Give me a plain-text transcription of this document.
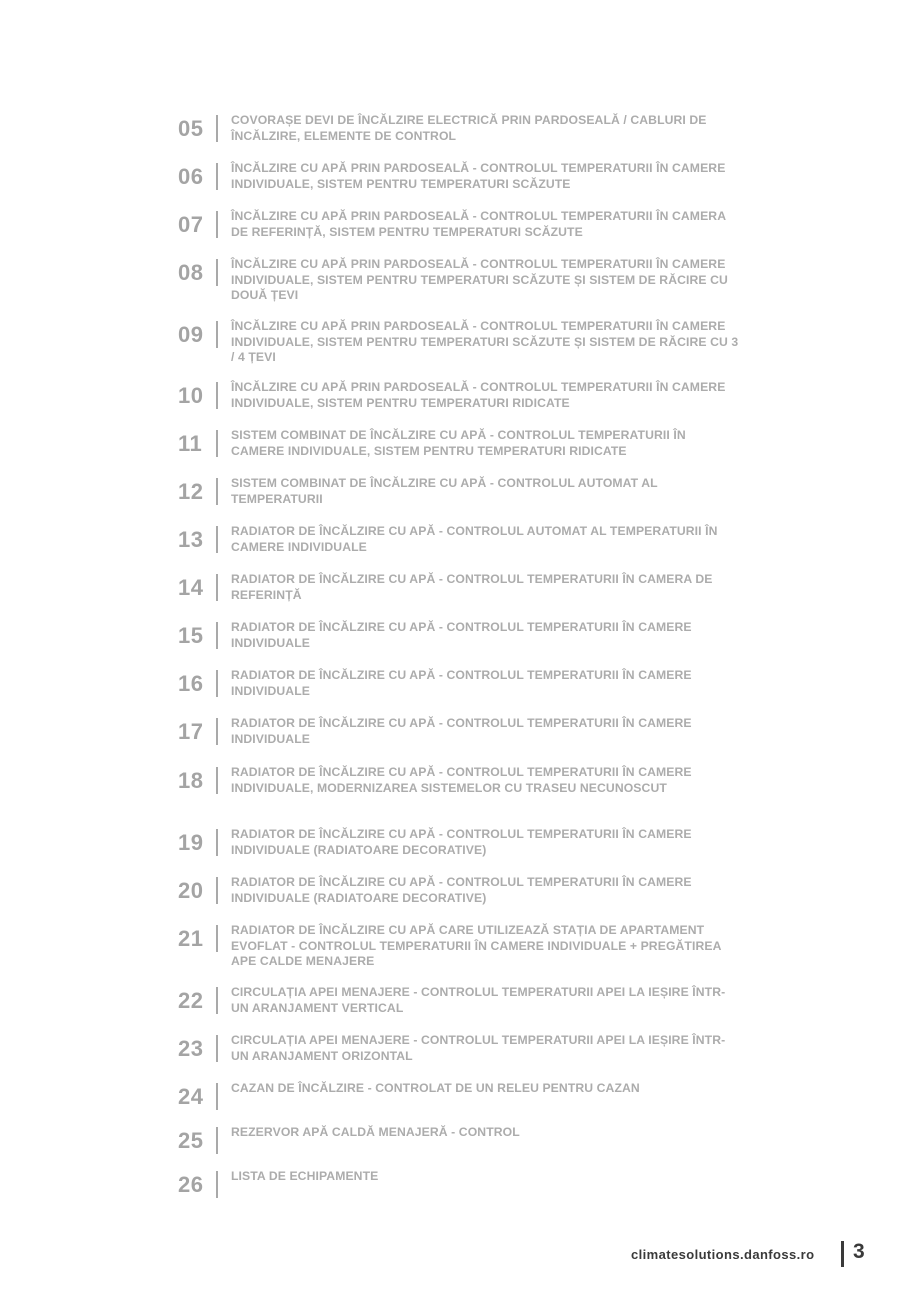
05	COVORAȘE DEVI DE ÎNCĂLZIRE ELECTRICĂ PRIN PARDOSEALĂ / CABLURI DE ÎNCĂLZIRE, ELEMENTE DE CONTROL
06	ÎNCĂLZIRE CU APĂ PRIN PARDOSEALĂ - CONTROLUL TEMPERATURII ÎN CAMERE INDIVIDUALE, SISTEM PENTRU TEMPERATURI SCĂZUTE
07	ÎNCĂLZIRE CU APĂ PRIN PARDOSEALĂ - CONTROLUL TEMPERATURII ÎN CAMERA DE REFERINȚĂ, SISTEM PENTRU TEMPERATURI SCĂZUTE
08	ÎNCĂLZIRE CU APĂ PRIN PARDOSEALĂ - CONTROLUL TEMPERATURII ÎN CAMERE INDIVIDUALE, SISTEM PENTRU TEMPERATURI SCĂZUTE ȘI SISTEM DE RĂCIRE CU DOUĂ ȚEVI
09	ÎNCĂLZIRE CU APĂ PRIN PARDOSEALĂ - CONTROLUL TEMPERATURII ÎN CAMERE INDIVIDUALE, SISTEM PENTRU TEMPERATURI SCĂZUTE ȘI SISTEM DE RĂCIRE CU 3 / 4 ȚEVI
10	ÎNCĂLZIRE CU APĂ PRIN PARDOSEALĂ - CONTROLUL TEMPERATURII ÎN CAMERE INDIVIDUALE, SISTEM PENTRU TEMPERATURI RIDICATE
11	SISTEM COMBINAT DE ÎNCĂLZIRE CU APĂ - CONTROLUL TEMPERATURII ÎN CAMERE INDIVIDUALE, SISTEM PENTRU TEMPERATURI RIDICATE
12	SISTEM COMBINAT DE ÎNCĂLZIRE CU APĂ - CONTROLUL AUTOMAT AL TEMPERATURII
13	RADIATOR DE ÎNCĂLZIRE CU APĂ - CONTROLUL AUTOMAT AL TEMPERATURII ÎN CAMERE INDIVIDUALE
14	RADIATOR DE ÎNCĂLZIRE CU APĂ - CONTROLUL TEMPERATURII ÎN CAMERA DE REFERINȚĂ
15	RADIATOR DE ÎNCĂLZIRE CU APĂ - CONTROLUL TEMPERATURII ÎN CAMERE INDIVIDUALE
16	RADIATOR DE ÎNCĂLZIRE CU APĂ - CONTROLUL TEMPERATURII ÎN CAMERE INDIVIDUALE
17	RADIATOR DE ÎNCĂLZIRE CU APĂ - CONTROLUL TEMPERATURII ÎN CAMERE INDIVIDUALE
18	RADIATOR DE ÎNCĂLZIRE CU APĂ - CONTROLUL TEMPERATURII ÎN CAMERE INDIVIDUALE, MODERNIZAREA SISTEMELOR CU TRASEU NECUNOSCUT
19	RADIATOR DE ÎNCĂLZIRE CU APĂ - CONTROLUL TEMPERATURII ÎN CAMERE INDIVIDUALE (RADIATOARE DECORATIVE)
20	RADIATOR DE ÎNCĂLZIRE CU APĂ - CONTROLUL TEMPERATURII ÎN CAMERE INDIVIDUALE (RADIATOARE DECORATIVE)
21	RADIATOR DE ÎNCĂLZIRE CU APĂ CARE UTILIZEAZĂ STAȚIA DE APARTAMENT EVOFLAT - CONTROLUL TEMPERATURII ÎN CAMERE INDIVIDUALE + PREGĂTIREA APE CALDE MENAJERE
22	CIRCULAȚIA APEI MENAJERE - CONTROLUL TEMPERATURII APEI LA IEȘIRE ÎNTR-UN ARANJAMENT VERTICAL
23	CIRCULAȚIA APEI MENAJERE - CONTROLUL TEMPERATURII APEI LA IEȘIRE ÎNTR-UN ARANJAMENT ORIZONTAL
24	CAZAN DE ÎNCĂLZIRE - CONTROLAT DE UN RELEU PENTRU CAZAN
25	REZERVOR APĂ CALDĂ MENAJERĂ - CONTROL
26	LISTA DE ECHIPAMENTE
climatesolutions.danfoss.ro 3
